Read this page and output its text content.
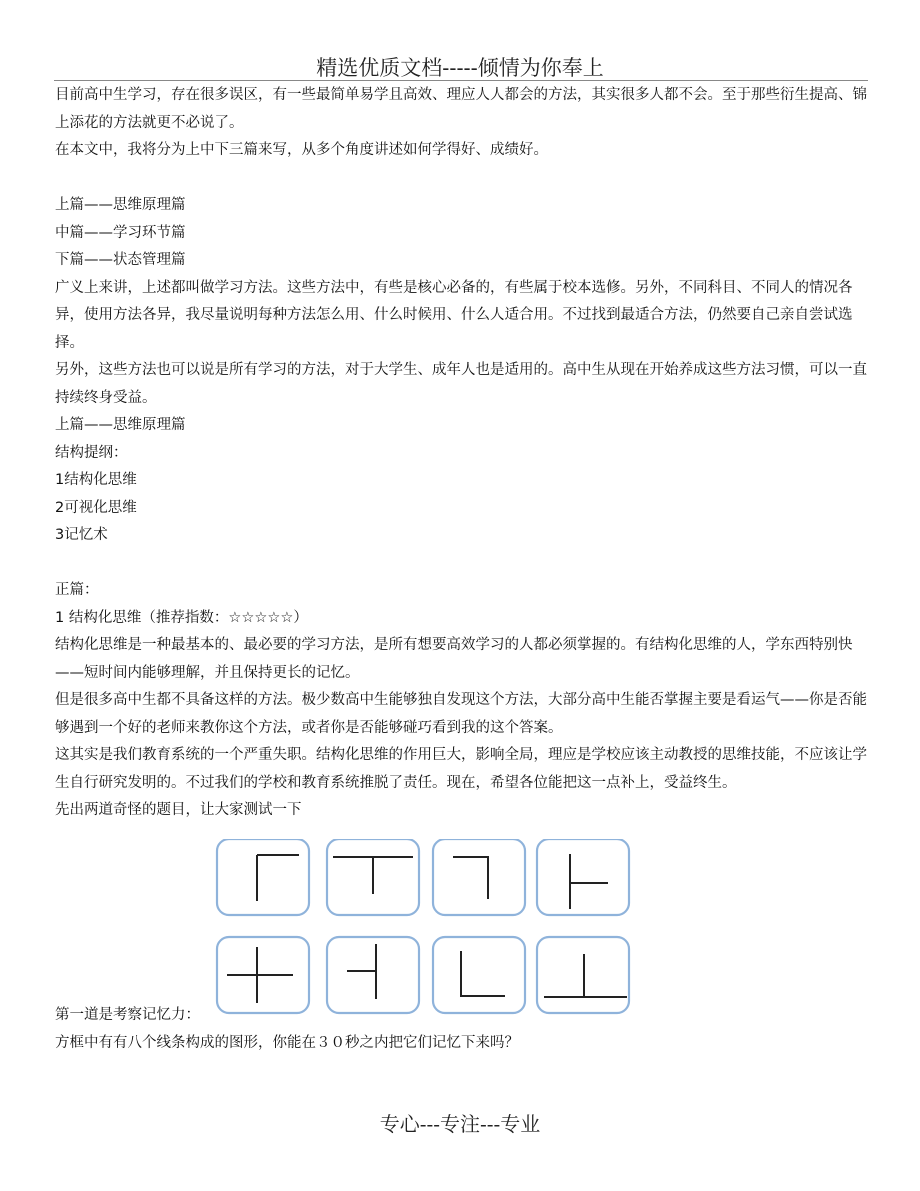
精选优质文档-----倾情为你奉上

目前高中生学习，存在很多误区，有一些最简单易学且高效、理应人人都会的方法，其实很多人都不会。至于那些衍生提高、锦上添花的方法就更不必说了。

在本文中，我将分为上中下三篇来写，从多个角度讲述如何学得好、成绩好。

上篇——思维原理篇

中篇——学习环节篇

下篇——状态管理篇

广义上来讲，上述都叫做学习方法。这些方法中，有些是核心必备的，有些属于校本选修。另外，不同科目、不同人的情况各异，使用方法各异，我尽量说明每种方法怎么用、什么时候用、什么人适合用。不过找到最适合方法，仍然要自己亲自尝试选择。

另外，这些方法也可以说是所有学习的方法，对于大学生、成年人也是适用的。高中生从现在开始养成这些方法习惯，可以一直持续终身受益。

上篇——思维原理篇

结构提纲：

1结构化思维

2可视化思维

3记忆术

正篇：

1 结构化思维（推荐指数：☆☆☆☆☆）

结构化思维是一种最基本的、最必要的学习方法，是所有想要高效学习的人都必须掌握的。有结构化思维的人，学东西特别快——短时间内能够理解，并且保持更长的记忆。

但是很多高中生都不具备这样的方法。极少数高中生能够独自发现这个方法，大部分高中生能否掌握主要是看运气——你是否能够遇到一个好的老师来教你这个方法，或者你是否能够碰巧看到我的这个答案。

这其实是我们教育系统的一个严重失职。结构化思维的作用巨大，影响全局，理应是学校应该主动教授的思维技能，不应该让学生自行研究发明的。不过我们的学校和教育系统推脱了责任。现在，希望各位能把这一点补上，受益终生。

先出两道奇怪的题目，让大家测试一下

第一道是考察记忆力：

方框中有有八个线条构成的图形，你能在３０秒之内把它们记忆下来吗？

专心---专注---专业
